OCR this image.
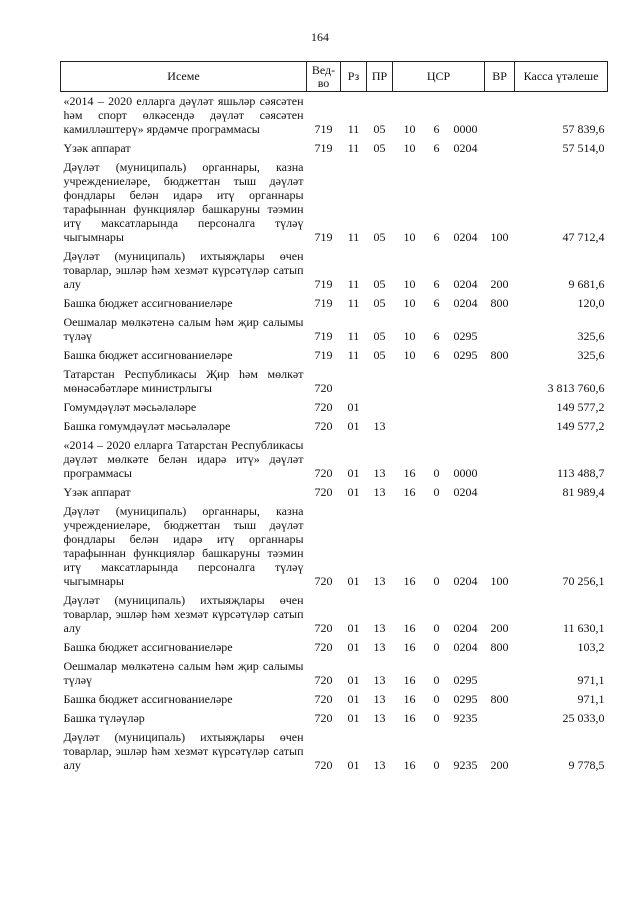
164
Исеме	Вед-во	Рз	ПР	ЦСР			ВР	Касса үтәлеше
«2014 – 2020 елларга дәүләт яшьләр сәясәтен һәм спорт өлкәсендә дәүләт сәясәтен камиллəштерү» ярдәмче программасы	719	11	05	10	6	0000		57 839,6
Үзәк аппарат	719	11	05	10	6	0204		57 514,0
Дәүләт (муниципаль) органнары, казна учреждениеләре, бюджеттан тыш дәүләт фондлары белән идарә итү органнары тарафыннан функцияләр башкаруны тәэмин итү максатларында персоналга түләү чыгымнары	719	11	05	10	6	0204	100	47 712,4
Дәүләт (муниципаль) ихтыяҗлары өчен товарлар, эшләр һәм хезмәт күрсәтүләр сатып алу	719	11	05	10	6	0204	200	9 681,6
Башка бюджет ассигнованиеләре	719	11	05	10	6	0204	800	120,0
Оешмалар мөлкәтенә салым һәм җир салымы түләү	719	11	05	10	6	0295		325,6
Башка бюджет ассигнованиеләре	719	11	05	10	6	0295	800	325,6
Татарстан Республикасы Җир һәм мөлкәт мөнәсәбәтләре министрлыгы	720							3 813 760,6
Гомумдәүләт мәсьәләләре	720	01						149 577,2
Башка гомумдәүләт мәсьәләләре	720	01	13					149 577,2
«2014 – 2020 елларга Татарстан Республикасы дәүләт мөлкәте белән идарә итү» дәүләт программасы	720	01	13	16	0	0000		113 488,7
Үзәк аппарат	720	01	13	16	0	0204		81 989,4
Дәүләт (муниципаль) органнары, казна учреждениеләре, бюджеттан тыш дәүләт фондлары белән идарә итү органнары тарафыннан функцияләр башкаруны тәэмин итү максатларында персоналга түләү чыгымнары	720	01	13	16	0	0204	100	70 256,1
Дәүләт (муниципаль) ихтыяҗлары өчен товарлар, эшләр һәм хезмәт күрсәтүләр сатып алу	720	01	13	16	0	0204	200	11 630,1
Башка бюджет ассигнованиеләре	720	01	13	16	0	0204	800	103,2
Оешмалар мөлкәтенә салым һәм җир салымы түләү	720	01	13	16	0	0295		971,1
Башка бюджет ассигнованиеләре	720	01	13	16	0	0295	800	971,1
Башка түләүләр	720	01	13	16	0	9235		25 033,0
Дәүләт (муниципаль) ихтыяҗлары өчен товарлар, эшләр һәм хезмәт күрсәтүләр сатып алу	720	01	13	16	0	9235	200	9 778,5
